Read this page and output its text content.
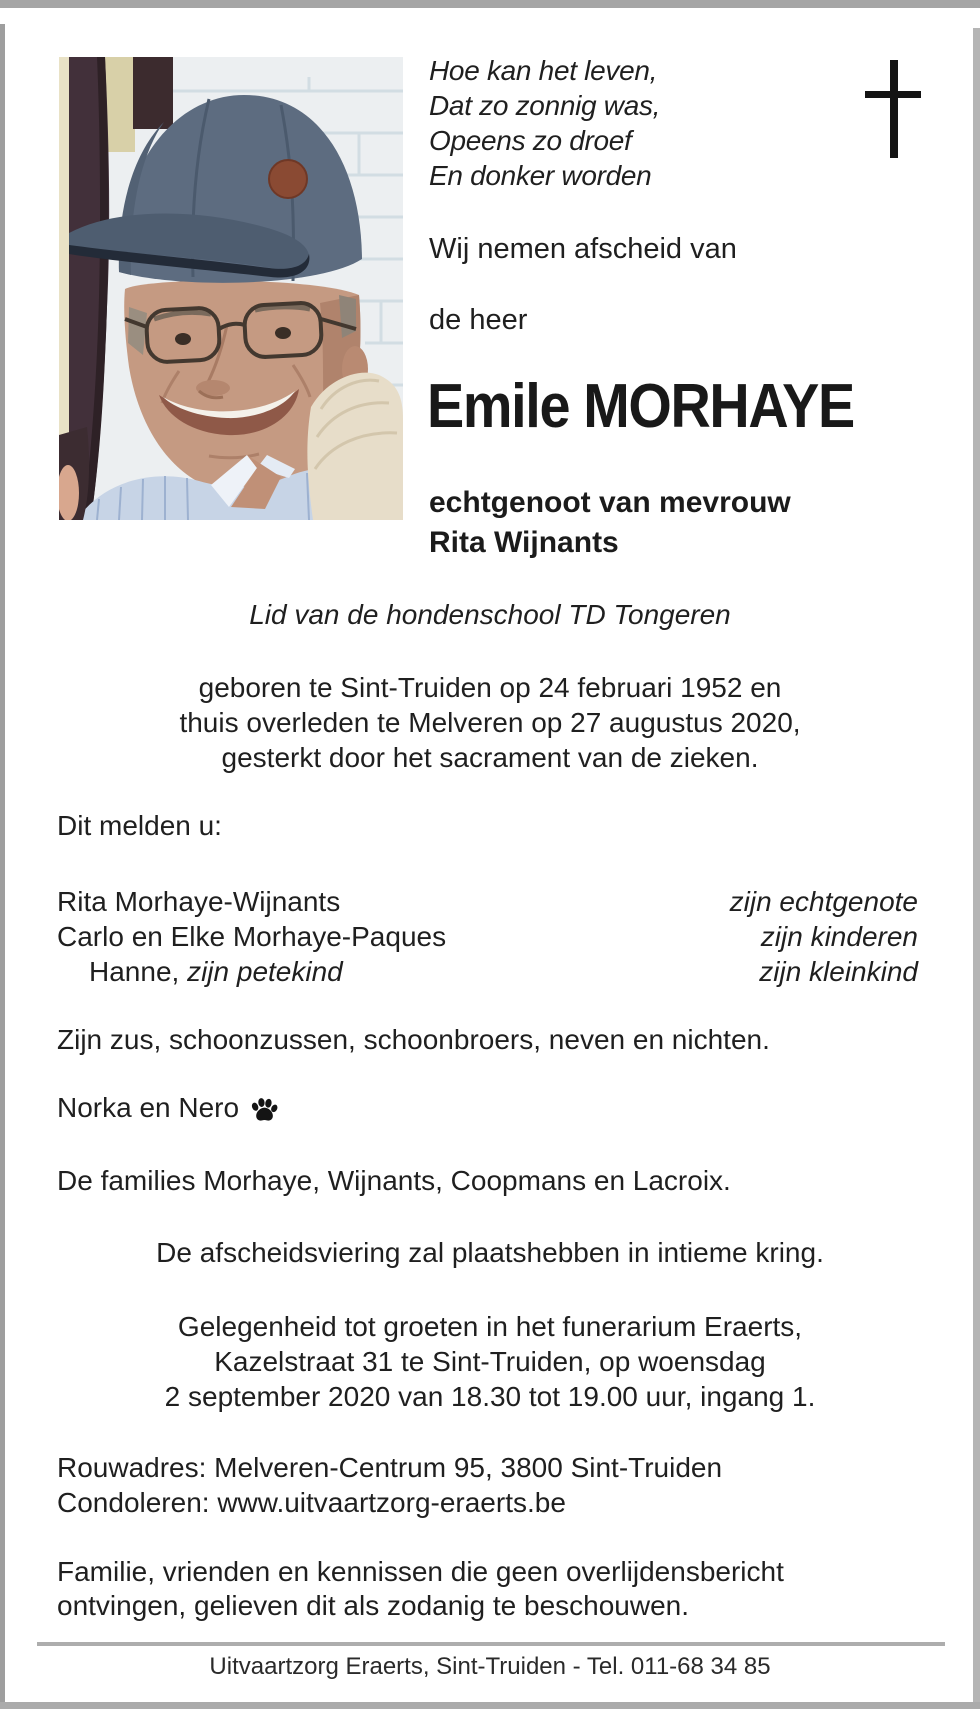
Hoe kan het leven,
Dat zo zonnig was,
Opeens zo droef
En donker worden
Wij nemen afscheid van
de heer
Emile MORHAYE
echtgenoot van mevrouw
Rita Wijnants
Lid van de hondenschool TD Tongeren
geboren te Sint-Truiden op 24 februari 1952 en
thuis overleden te Melveren op 27 augustus 2020,
gesterkt door het sacrament van de zieken.
Dit melden u:
Rita Morhaye-Wijnants	zijn echtgenote
Carlo en Elke Morhaye-Paques	zijn kinderen
Hanne, zijn petekind	zijn kleinkind
Zijn zus, schoonzussen, schoonbroers, neven en nichten.
Norka en Nero
De families Morhaye, Wijnants, Coopmans en Lacroix.
De afscheidsviering zal plaatshebben in intieme kring.
Gelegenheid tot groeten in het funerarium Eraerts,
Kazelstraat 31 te Sint-Truiden, op woensdag
2 september 2020 van 18.30 tot 19.00 uur, ingang 1.
Rouwadres: Melveren-Centrum 95, 3800 Sint-Truiden
Condoleren: www.uitvaartzorg-eraerts.be
Familie, vrienden en kennissen die geen overlijdensbericht
ontvingen, gelieven dit als zodanig te beschouwen.
Uitvaartzorg Eraerts, Sint-Truiden - Tel. 011-68 34 85
